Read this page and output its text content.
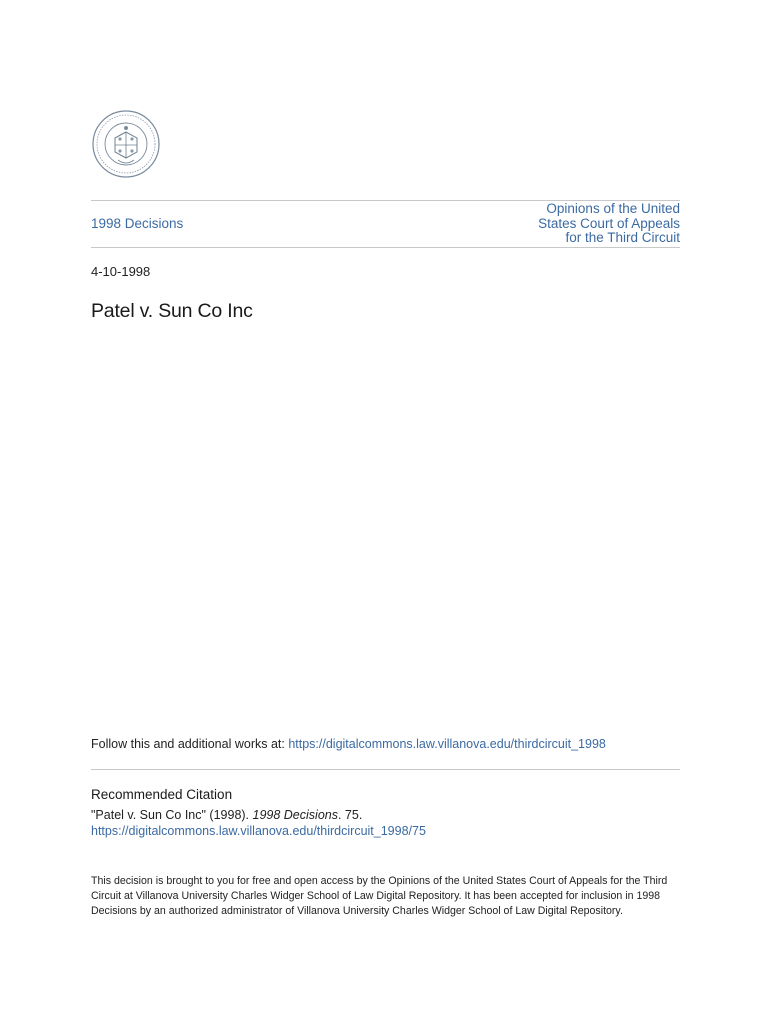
1998 Decisions
Opinions of the United
States Court of Appeals
for the Third Circuit
4-10-1998
Patel v. Sun Co Inc
Follow this and additional works at: https://digitalcommons.law.villanova.edu/thirdcircuit_1998
Recommended Citation
"Patel v. Sun Co Inc" (1998). 1998 Decisions. 75.
https://digitalcommons.law.villanova.edu/thirdcircuit_1998/75
This decision is brought to you for free and open access by the Opinions of the United States Court of Appeals for the Third Circuit at Villanova University Charles Widger School of Law Digital Repository. It has been accepted for inclusion in 1998 Decisions by an authorized administrator of Villanova University Charles Widger School of Law Digital Repository.
